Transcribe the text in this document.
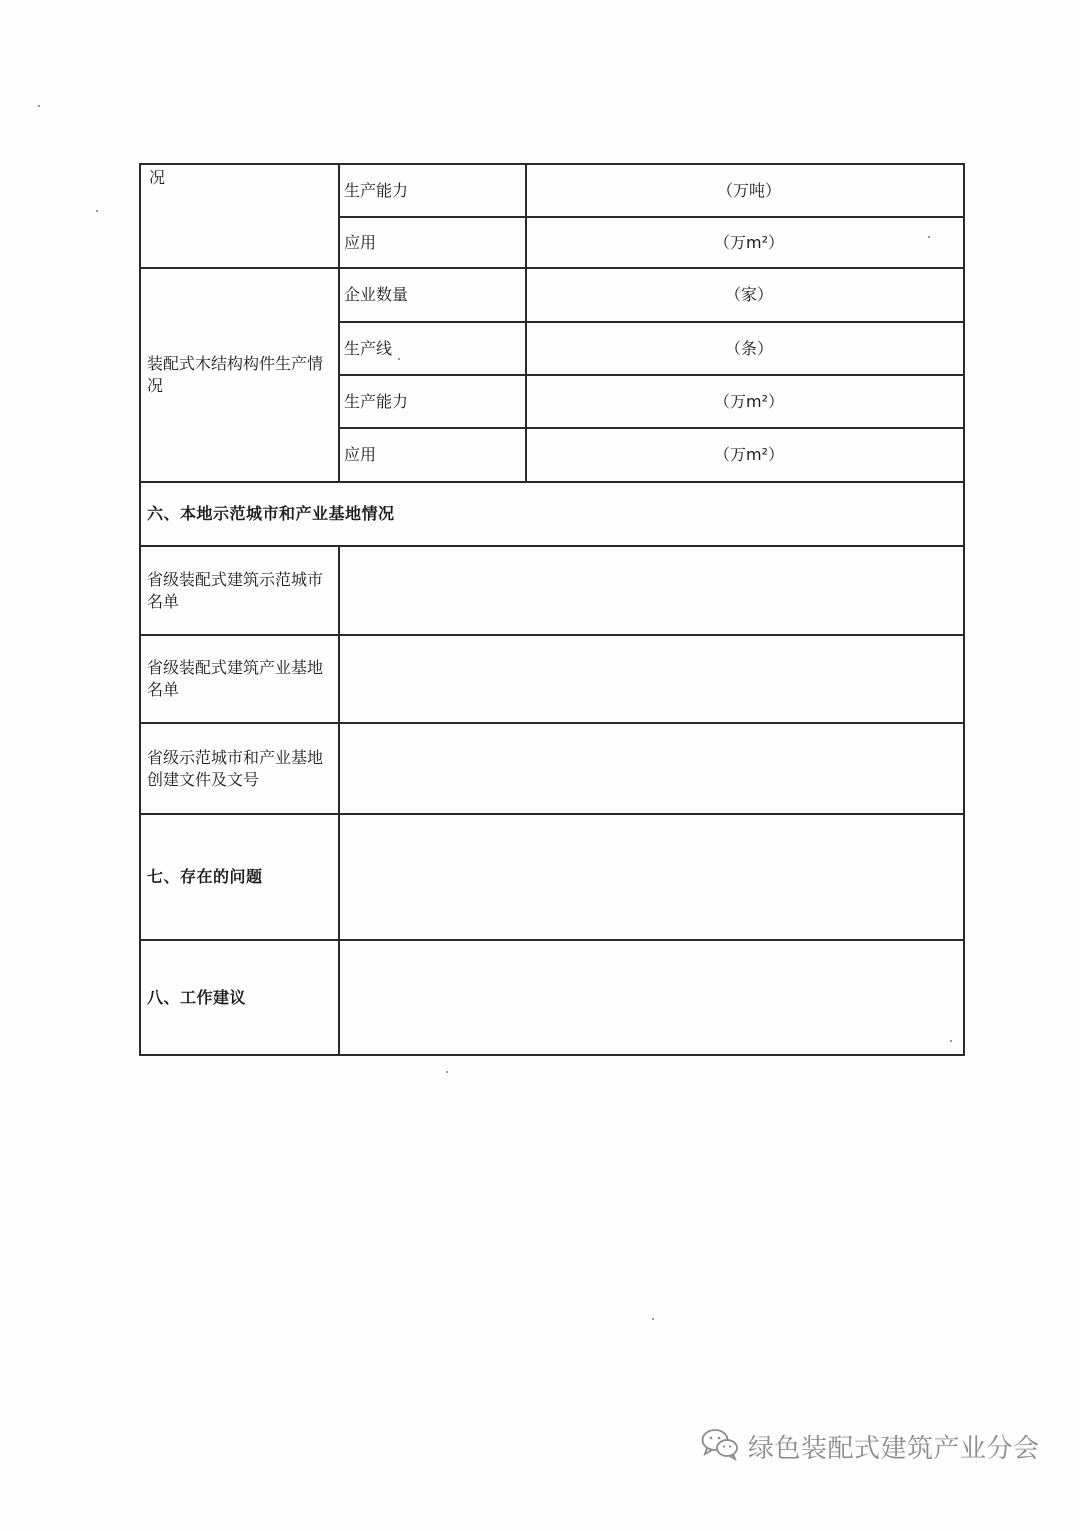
况	生产能力	（万吨）
	应用	（万m²）
装配式木结构构件生产情况	企业数量	（家）
	生产线	（条）
	生产能力	（万m²）
	应用	（万m²）
六、本地示范城市和产业基地情况		
省级装配式建筑示范城市名单		
省级装配式建筑产业基地名单		
省级示范城市和产业基地创建文件及文号		
七、存在的问题		
八、工作建议		
绿色装配式建筑产业分会
